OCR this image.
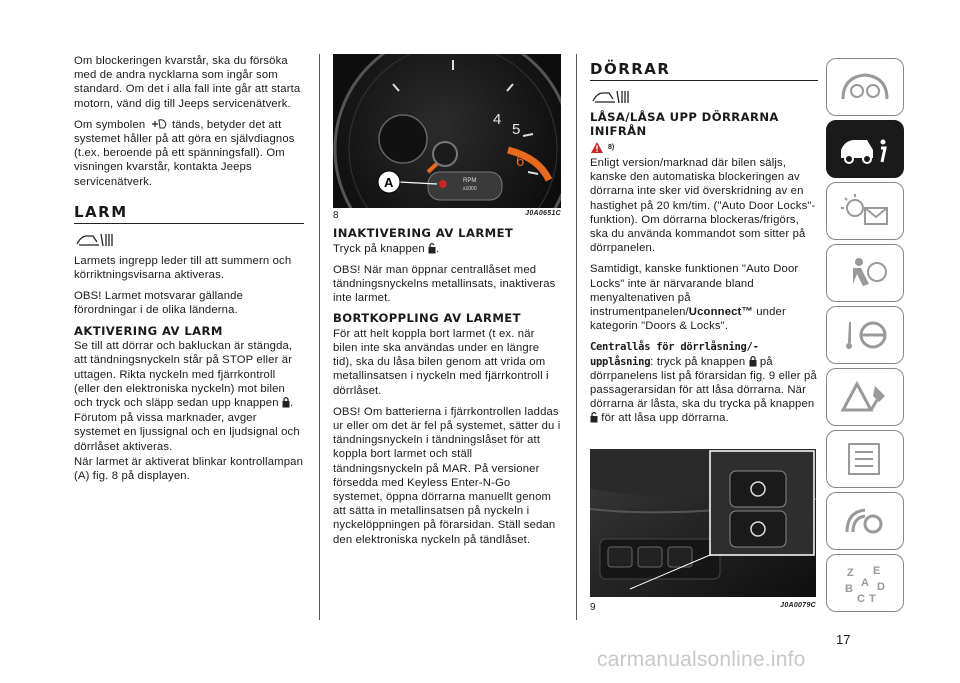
Om blockeringen kvarstår, ska du försöka med de andra nycklarna som ingår som standard. Om det i alla fall inte går att starta motorn, vänd dig till Jeeps servicenätverk.

Om symbolen tänds, betyder det att systemet håller på att göra en självdiagnos (t.ex. beroende på ett spänningsfall). Om visningen kvarstår, kontakta Jeeps servicenätverk.

LARM

Larmets ingrepp leder till att summern och körriktningsvisarna aktiveras.

OBS! Larmet motsvarar gällande förordningar i de olika länderna.

AKTIVERING AV LARM

Se till att dörrar och bakluckan är stängda, att tändningsnyckeln står på STOP eller är uttagen. Rikta nyckeln med fjärrkontroll (eller den elektroniska nyckeln) mot bilen och tryck och släpp sedan upp knappen .

Förutom på vissa marknader, avger systemet en ljussignal och en ljudsignal och dörrlåset aktiveras.

När larmet är aktiverat blinkar kontrollampan (A) fig. 8 på displayen.

4
5
6
RPM
x1000
A
8	J0A0651C
INAKTIVERING AV LARMET

Tryck på knappen .

OBS! När man öppnar centrallåset med tändningsnyckelns metallinsats, inaktiveras inte larmet.

BORTKOPPLING AV LARMET

För att helt koppla bort larmet (t ex. när bilen inte ska användas under en längre tid), ska du låsa bilen genom att vrida om metallinsatsen i nyckeln med fjärrkontroll i dörrlåset.

OBS! Om batterierna i fjärrkontrollen laddas ur eller om det är fel på systemet, sätter du i tändningsnyckeln i tändningslåset för att koppla bort larmet och ställ tändningsnyckeln på MAR. På versioner försedda med Keyless Enter-N-Go systemet, öppna dörrarna manuellt genom att sätta in metallinsatsen på nyckeln i nyckelöppningen på förarsidan. Ställ sedan den elektroniska nyckeln på tändlåset.

DÖRRAR
LÅSA/LÅSA UPP DÖRRARNA INIFRÅN
8)

Enligt version/marknad där bilen säljs, kanske den automatiska blockeringen av dörrarna inte sker vid överskridning av en hastighet på 20 km/tim. ("Auto Door Locks"-funktion). Om dörrarna blockeras/frigörs, ska du använda kommandot som sitter på dörrpanelen.

Samtidigt, kanske funktionen "Auto Door Locks" inte är närvarande bland menyaltenativen på instrumentpanelen/Uconnect™ under kategorin "Doors & Locks".

Centrallås för dörrlåsning/-upplåsning: tryck på knappen på dörrpanelens list på förarsidan fig. 9 eller på passagerarsidan för att låsa dörrarna. När dörrarna är låsta, ska du trycka på knappen  för att låsa upp dörrarna.

9	J0A0079C
Z E
B D
C T
A
17
carmanualsonline.info
